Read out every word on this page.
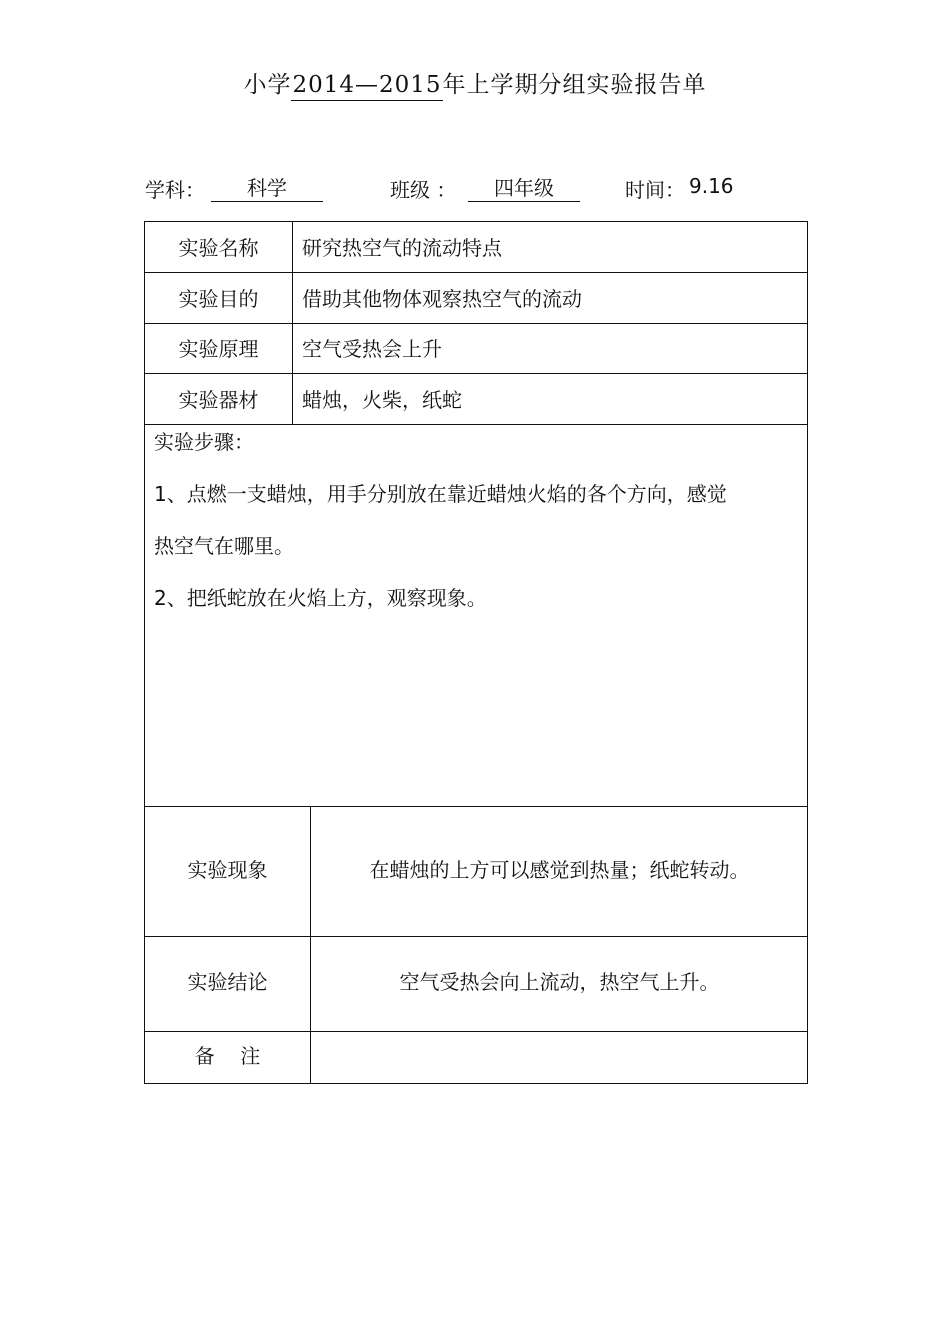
小学2014—2015年上学期分组实验报告单
学科：	科学	班级 ：	四年级	时间： 9.16
实验名称	研究热空气的流动特点
实验目的	借助其他物体观察热空气的流动
实验原理	空气受热会上升
实验器材	蜡烛，火柴，纸蛇
实验步骤：
1、点燃一支蜡烛，用手分别放在靠近蜡烛火焰的各个方向，感觉
热空气在哪里。
2、把纸蛇放在火焰上方，观察现象。
实验现象	在蜡烛的上方可以感觉到热量；纸蛇转动。
实验结论	空气受热会向上流动，热空气上升。
备    注
